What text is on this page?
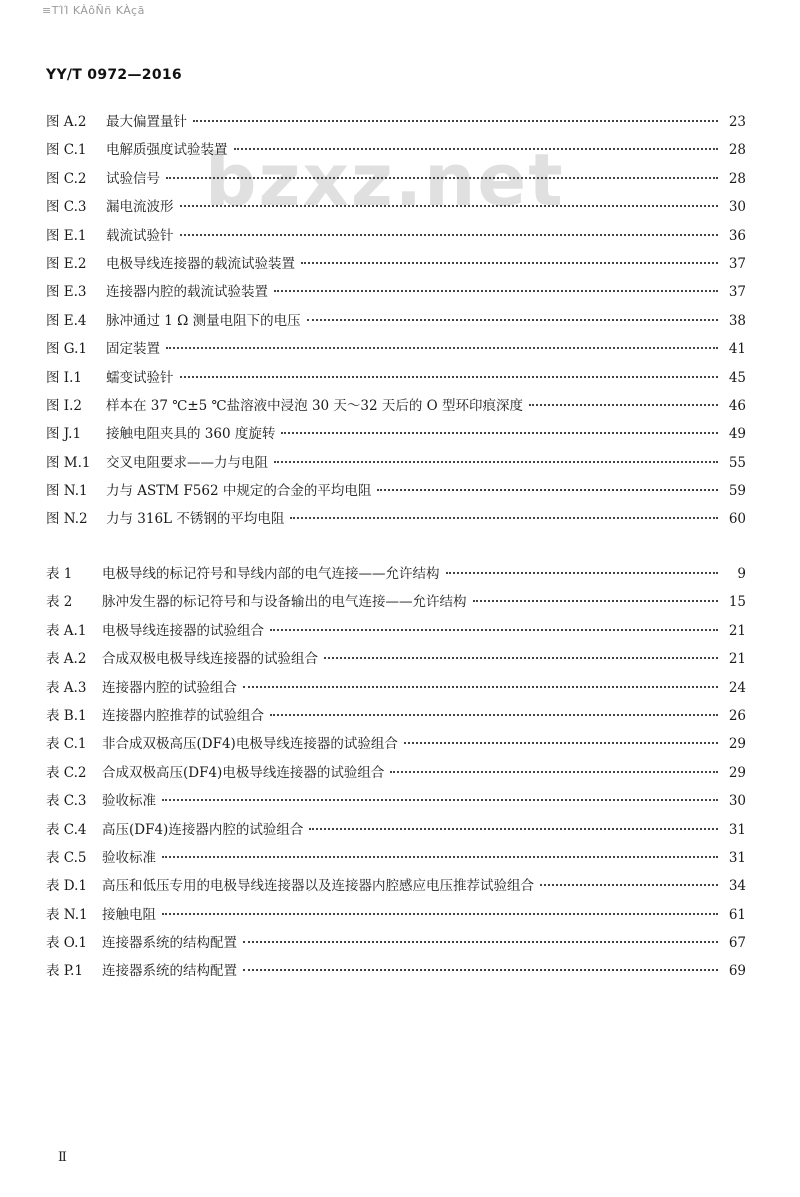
≡ΤΊΊ KÀôÑñ KÀçã
YY/T 0972—2016
bzxz.net
图 A.2	最大偏置量针	23
图 C.1	电解质强度试验装置	28
图 C.2	试验信号	28
图 C.3	漏电流波形	30
图 E.1	载流试验针	36
图 E.2	电极导线连接器的载流试验装置	37
图 E.3	连接器内腔的载流试验装置	37
图 E.4	脉冲通过 1 Ω 测量电阻下的电压	38
图 G.1	固定装置	41
图 I.1	蠕变试验针	45
图 I.2	样本在 37 ℃±5 ℃盐溶液中浸泡 30 天～32 天后的 O 型环印痕深度	46
图 J.1	接触电阻夹具的 360 度旋转	49
图 M.1	交叉电阻要求——力与电阻	55
图 N.1	力与 ASTM F562 中规定的合金的平均电阻	59
图 N.2	力与 316L 不锈钢的平均电阻	60
表 1	电极导线的标记符号和导线内部的电气连接——允许结构	9
表 2	脉冲发生器的标记符号和与设备输出的电气连接——允许结构	15
表 A.1	电极导线连接器的试验组合	21
表 A.2	合成双极电极导线连接器的试验组合	21
表 A.3	连接器内腔的试验组合	24
表 B.1	连接器内腔推荐的试验组合	26
表 C.1	非合成双极高压(DF4)电极导线连接器的试验组合	29
表 C.2	合成双极高压(DF4)电极导线连接器的试验组合	29
表 C.3	验收标准	30
表 C.4	高压(DF4)连接器内腔的试验组合	31
表 C.5	验收标准	31
表 D.1	高压和低压专用的电极导线连接器以及连接器内腔感应电压推荐试验组合	34
表 N.1	接触电阻	61
表 O.1	连接器系统的结构配置	67
表 P.1	连接器系统的结构配置	69
Ⅱ
